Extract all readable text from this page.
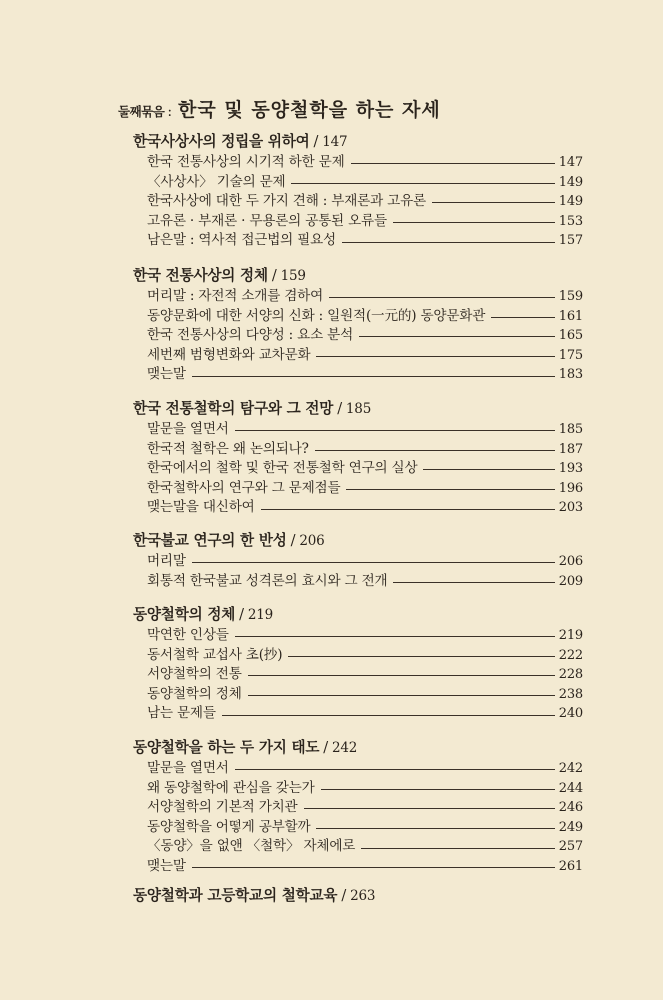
둘째묶음 : 한국 및 동양철학을 하는 자세
한국사상사의 정립을 위하여 / 147
한국 전통사상의 시기적 하한 문제	147
〈사상사〉 기술의 문제	149
한국사상에 대한 두 가지 견해 : 부재론과 고유론	149
고유론 · 부재론 · 무용론의 공통된 오류들	153
남은말 : 역사적 접근법의 필요성	157
한국 전통사상의 정체 / 159
머리말 : 자전적 소개를 겸하여	159
동양문화에 대한 서양의 신화 : 일원적(一元的) 동양문화관	161
한국 전통사상의 다양성 : 요소 분석	165
세번째 범형변화와 교차문화	175
맺는말	183
한국 전통철학의 탐구와 그 전망 / 185
말문을 열면서	185
한국적 철학은 왜 논의되나?	187
한국에서의 철학 및 한국 전통철학 연구의 실상	193
한국철학사의 연구와 그 문제점들	196
맺는말을 대신하여	203
한국불교 연구의 한 반성 / 206
머리말	206
회통적 한국불교 성격론의 효시와 그 전개	209
동양철학의 정체 / 219
막연한 인상들	219
동서철학 교섭사 초(抄)	222
서양철학의 전통	228
동양철학의 정체	238
남는 문제들	240
동양철학을 하는 두 가지 태도 / 242
말문을 열면서	242
왜 동양철학에 관심을 갖는가	244
서양철학의 기본적 가치관	246
동양철학을 어떻게 공부할까	249
〈동양〉을 없앤 〈철학〉 자체에로	257
맺는말	261
동양철학과 고등학교의 철학교육 / 263
